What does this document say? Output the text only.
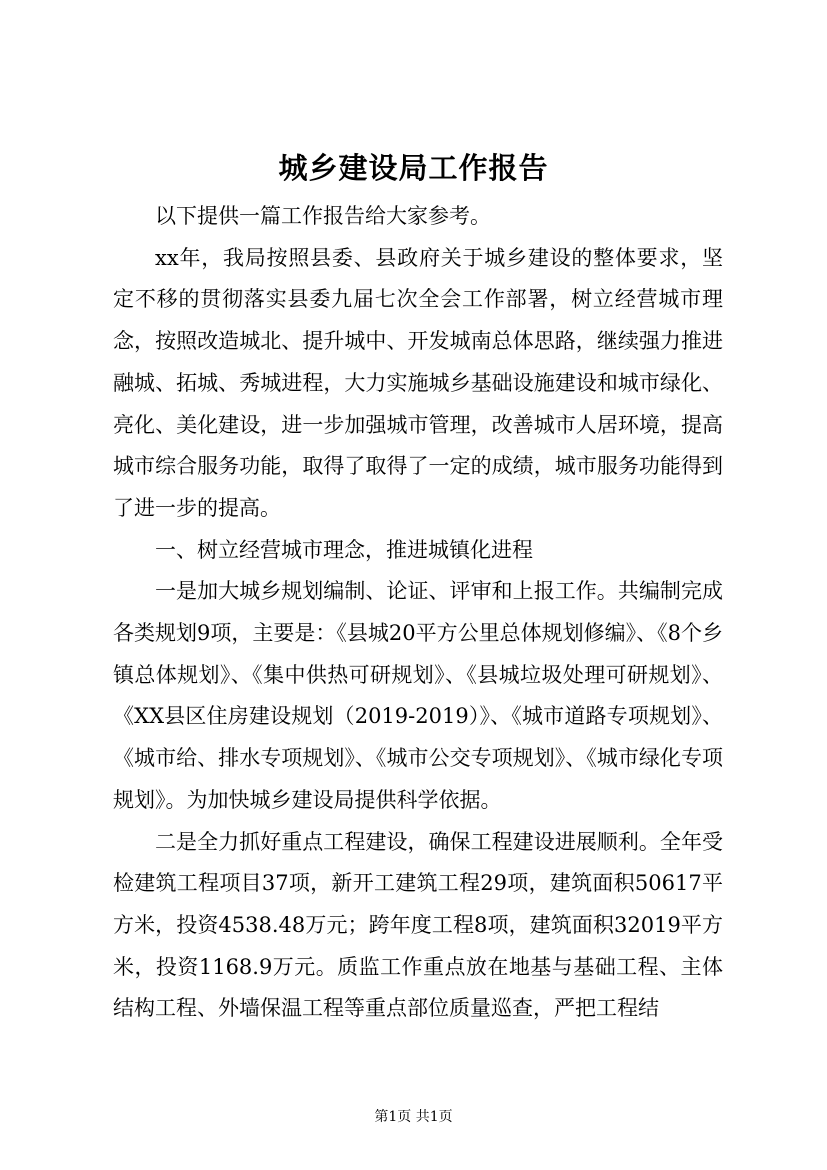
城乡建设局工作报告

以下提供一篇工作报告给大家参考。

xx年，我局按照县委、县政府关于城乡建设的整体要求，坚定不移的贯彻落实县委九届七次全会工作部署，树立经营城市理念，按照改造城北、提升城中、开发城南总体思路，继续强力推进融城、拓城、秀城进程，大力实施城乡基础设施建设和城市绿化、亮化、美化建设，进一步加强城市管理，改善城市人居环境，提高城市综合服务功能，取得了取得了一定的成绩，城市服务功能得到了进一步的提高。

一、树立经营城市理念，推进城镇化进程

一是加大城乡规划编制、论证、评审和上报工作。共编制完成各类规划9项，主要是：《县城20平方公里总体规划修编》、《8个乡镇总体规划》、《集中供热可研规划》、《县城垃圾处理可研规划》、《XX县区住房建设规划（2019-2019）》、《城市道路专项规划》、《城市给、排水专项规划》、《城市公交专项规划》、《城市绿化专项规划》。为加快城乡建设局提供科学依据。

二是全力抓好重点工程建设，确保工程建设进展顺利。全年受检建筑工程项目37项，新开工建筑工程29项，建筑面积50617平方米，投资4538.48万元；跨年度工程8项，建筑面积32019平方米，投资1168.9万元。质监工作重点放在地基与基础工程、主体结构工程、外墙保温工程等重点部位质量巡查，严把工程结

第1页 共1页
